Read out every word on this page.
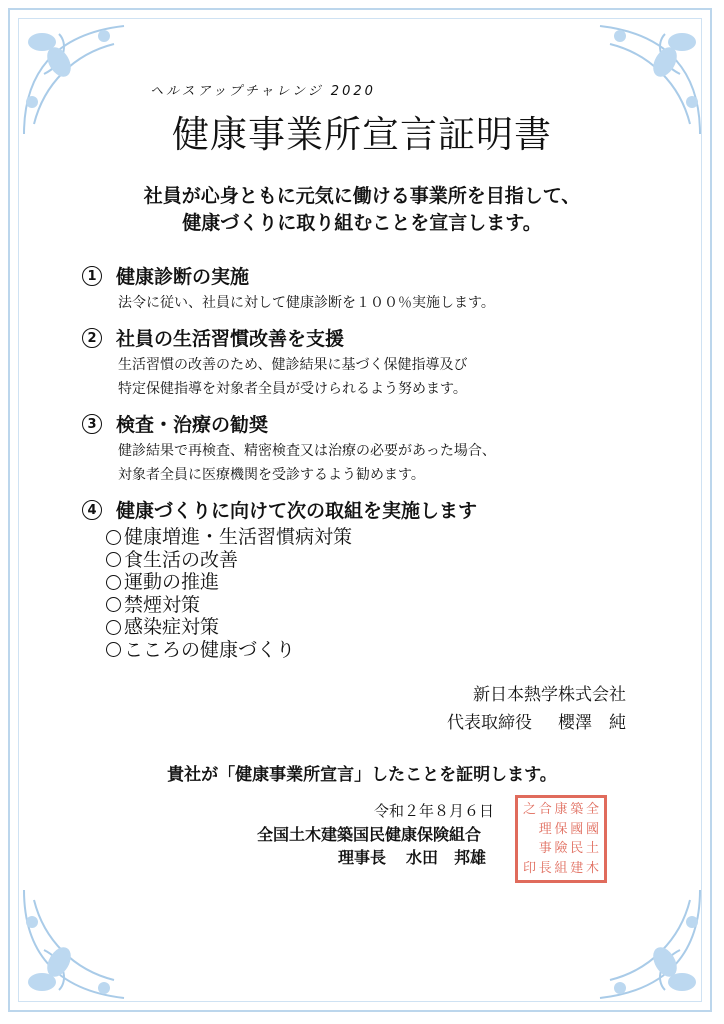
ヘルスアップチャレンジ 2020
健康事業所宣言証明書
社員が心身ともに元気に働ける事業所を目指して、
健康づくりに取り組むことを宣言します。
1 健康診断の実施
法令に従い、社員に対して健康診断を１００％実施します。
2 社員の生活習慣改善を支援
生活習慣の改善のため、健診結果に基づく保健指導及び
特定保健指導を対象者全員が受けられるよう努めます。
3 検査・治療の勧奨
健診結果で再検査、精密検査又は治療の必要があった場合、
対象者全員に医療機関を受診するよう勧めます。
4 健康づくりに向けて次の取組を実施します
健康増進・生活習慣病対策
食生活の改善
運動の推進
禁煙対策
感染症対策
こころの健康づくり
新日本熱学株式会社
代表取締役 櫻澤　純
貴社が「健康事業所宣言」したことを証明します。
令和２年８月６日
全国土木建築国民健康保険組合
理事長 水田　邦雄
全
國
土
木
築
國
民
建
康
保
險
組
合
理
事
長
之
印
